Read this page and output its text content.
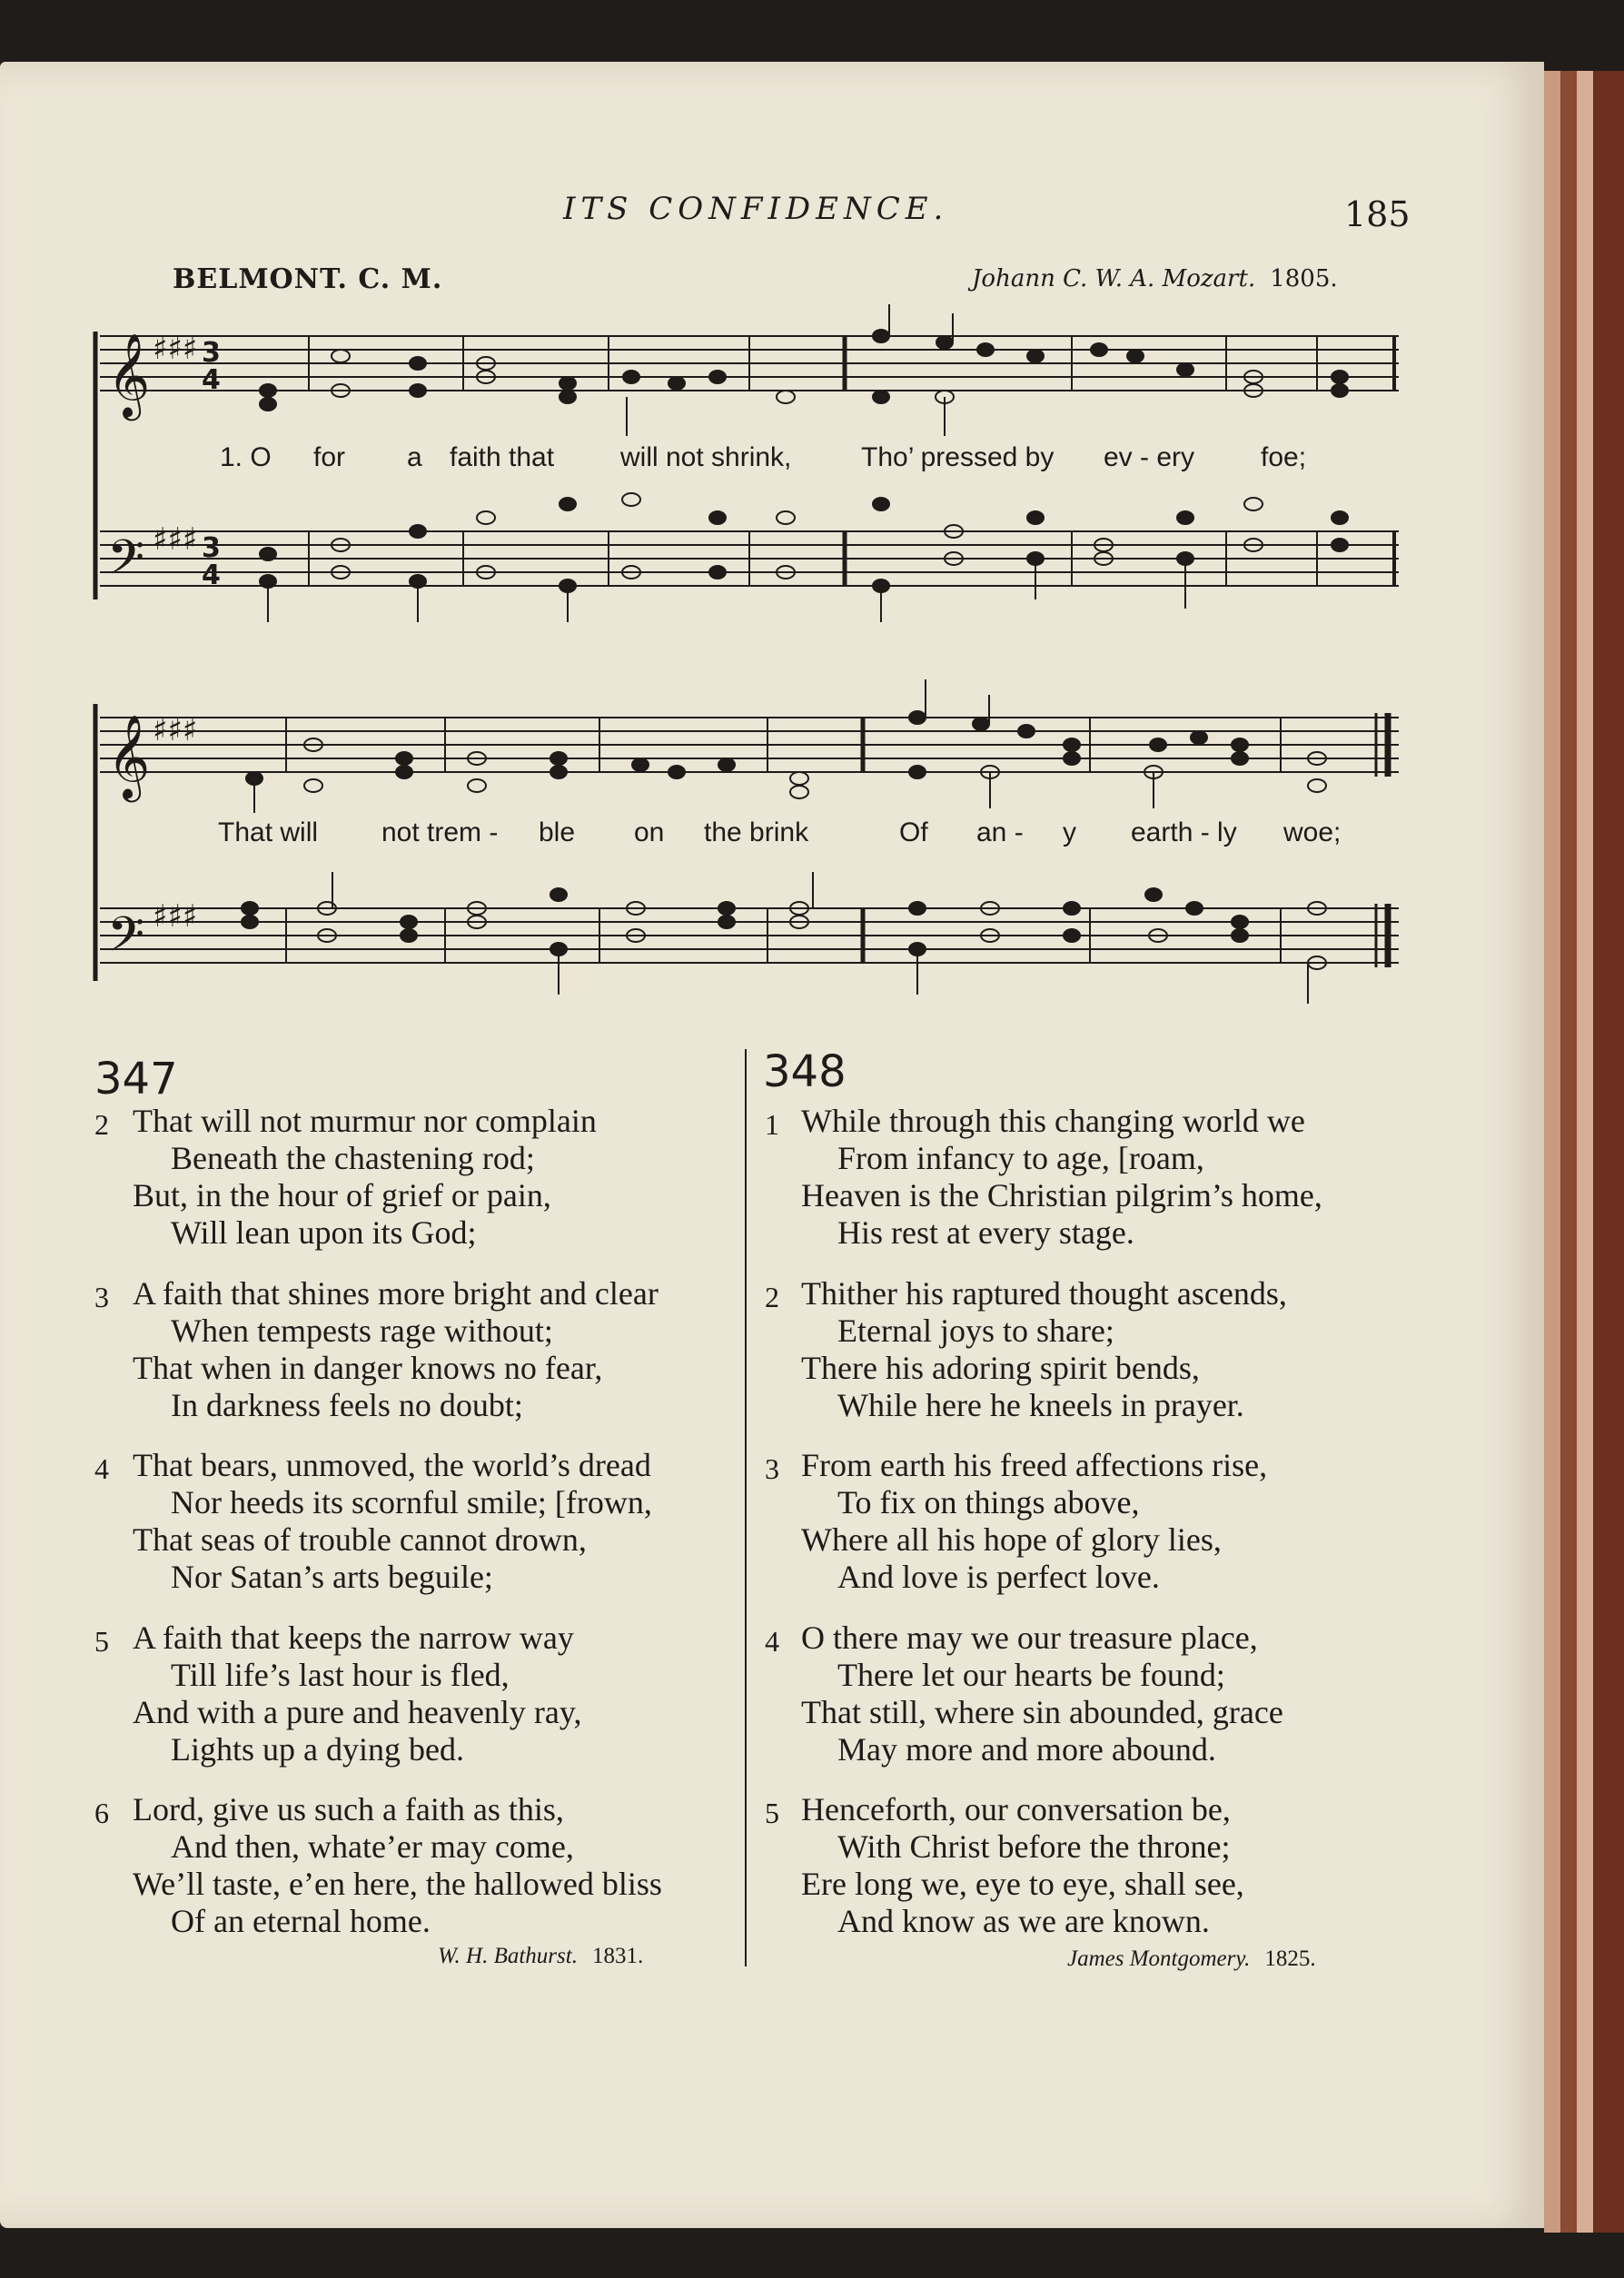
ITS CONFIDENCE.	185
BELMONT. C. M.	Johann C. W. A. Mozart. 1805.
𝄞
𝄢
♯♯♯
♯♯♯
3
4
3
4
𝄞
𝄢
♯♯♯
♯♯♯
1. O for a faith that will not shrink,	Tho’ pressed by ev - ery foe;
That will not trem - ble on the brink	Of an - y earth - ly woe;
347	348
2 That will not murmur nor complain
Beneath the chastening rod;
But, in the hour of grief or pain,
Will lean upon its God;
3 A faith that shines more bright and clear
When tempests rage without;
That when in danger knows no fear,
In darkness feels no doubt;
4 That bears, unmoved, the world’s dread
Nor heeds its scornful smile; [frown,
That seas of trouble cannot drown,
Nor Satan’s arts beguile;
5 A faith that keeps the narrow way
Till life’s last hour is fled,
And with a pure and heavenly ray,
Lights up a dying bed.
6 Lord, give us such a faith as this,
And then, whate’er may come,
We’ll taste, e’en here, the hallowed bliss
Of an eternal home.
1 While through this changing world we
From infancy to age, [roam,
Heaven is the Christian pilgrim’s home,
His rest at every stage.
2 Thither his raptured thought ascends,
Eternal joys to share;
There his adoring spirit bends,
While here he kneels in prayer.
3 From earth his freed affections rise,
To fix on things above,
Where all his hope of glory lies,
And love is perfect love.
4 O there may we our treasure place,
There let our hearts be found;
That still, where sin abounded, grace
May more and more abound.
5 Henceforth, our conversation be,
With Christ before the throne;
Ere long we, eye to eye, shall see,
And know as we are known.
W. H. Bathurst. 1831.	James Montgomery. 1825.
